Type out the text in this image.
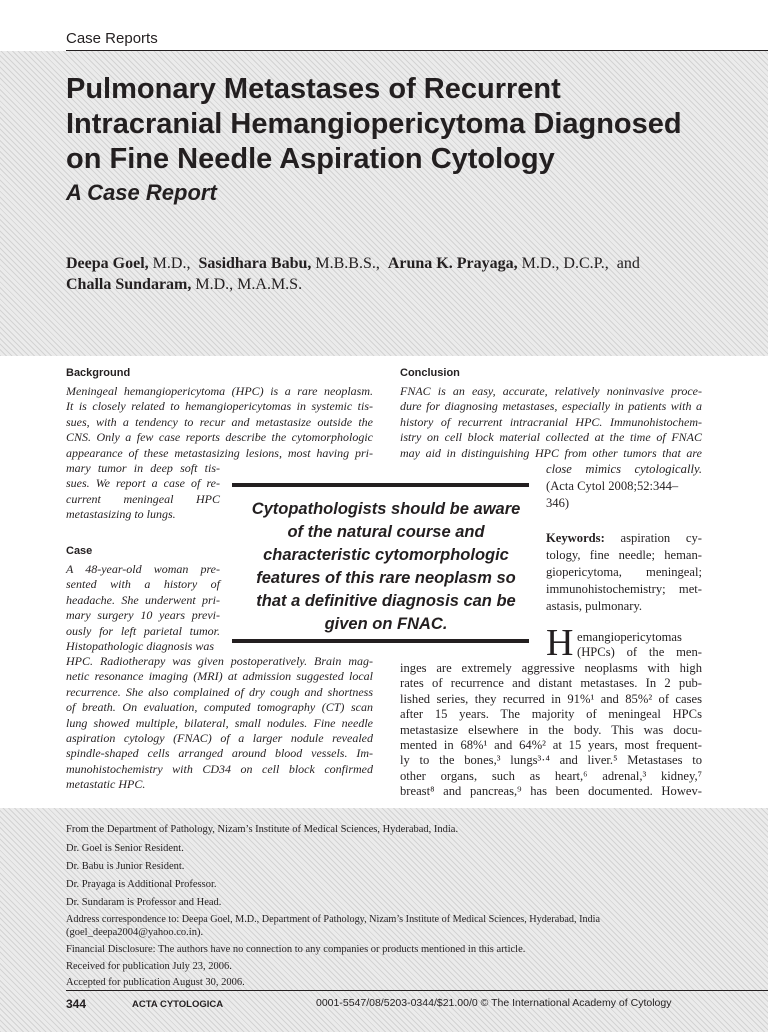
Case Reports
Pulmonary Metastases of Recurrent
Intracranial Hemangiopericytoma Diagnosed
on Fine Needle Aspiration Cytology
A Case Report
Deepa Goel, M.D., Sasidhara Babu, M.B.B.S., Aruna K. Prayaga, M.D., D.C.P., and
Challa Sundaram, M.D., M.A.M.S.
Background
Meningeal hemangiopericytoma (HPC) is a rare neoplasm.
It is closely related to hemangiopericytomas in systemic tis-
sues, with a tendency to recur and metastasize outside the
CNS. Only a few case reports describe the cytomorphologic
appearance of these metastasizing lesions, most having pri-
mary tumor in deep soft tis-
sues. We report a case of re-
current meningeal HPC
metastasizing to lungs.
Case
A 48-year-old woman pre-
sented with a history of
headache. She underwent pri-
mary surgery 10 years previ-
ously for left parietal tumor.
Histopathologic diagnosis was
HPC. Radiotherapy was given postoperatively. Brain mag-
netic resonance imaging (MRI) at admission suggested local
recurrence. She also complained of dry cough and shortness
of breath. On evaluation, computed tomography (CT) scan
lung showed multiple, bilateral, small nodules. Fine needle
aspiration cytology (FNAC) of a larger nodule revealed
spindle-shaped cells arranged around blood vessels. Im-
munohistochemistry with CD34 on cell block confirmed
metastatic HPC.
Conclusion
FNAC is an easy, accurate, relatively noninvasive proce-
dure for diagnosing metastases, especially in patients with a
history of recurrent intracranial HPC. Immunohistochem-
istry on cell block material collected at the time of FNAC
may aid in distinguishing HPC from other tumors that are
close mimics cytologically.
(Acta Cytol 2008;52:344–
346)
Keywords: aspiration cy-
tology, fine needle; heman-
giopericytoma, meningeal;
immunohistochemistry; met-
astasis, pulmonary.
Cytopathologists should be aware
of the natural course and
characteristic cytomorphologic
features of this rare neoplasm so
that a definitive diagnosis can be
given on FNAC.	H emangiopericytomas
(HPCs) of the men-
inges are extremely aggressive neoplasms with high
rates of recurrence and distant metastases. In 2 pub-
lished series, they recurred in 91%¹ and 85%² of cases
after 15 years. The majority of meningeal HPCs
metastasize elsewhere in the body. This was docu-
mented in 68%¹ and 64%² at 15 years, most frequent-
ly to the bones,³ lungs³·⁴ and liver.⁵ Metastases to
other organs, such as heart,⁶ adrenal,³ kidney,⁷
breast⁸ and pancreas,⁹ has been documented. Howev-
From the Department of Pathology, Nizam’s Institute of Medical Sciences, Hyderabad, India.
Dr. Goel is Senior Resident.
Dr. Babu is Junior Resident.
Dr. Prayaga is Additional Professor.
Dr. Sundaram is Professor and Head.
Address correspondence to: Deepa Goel, M.D., Department of Pathology, Nizam’s Institute of Medical Sciences, Hyderabad, India
(goel_deepa2004@yahoo.co.in).
Financial Disclosure: The authors have no connection to any companies or products mentioned in this article.
Received for publication July 23, 2006.
Accepted for publication August 30, 2006.
344	ACTA CYTOLOGICA	0001-5547/08/5203-0344/$21.00/0 © The International Academy of Cytology
